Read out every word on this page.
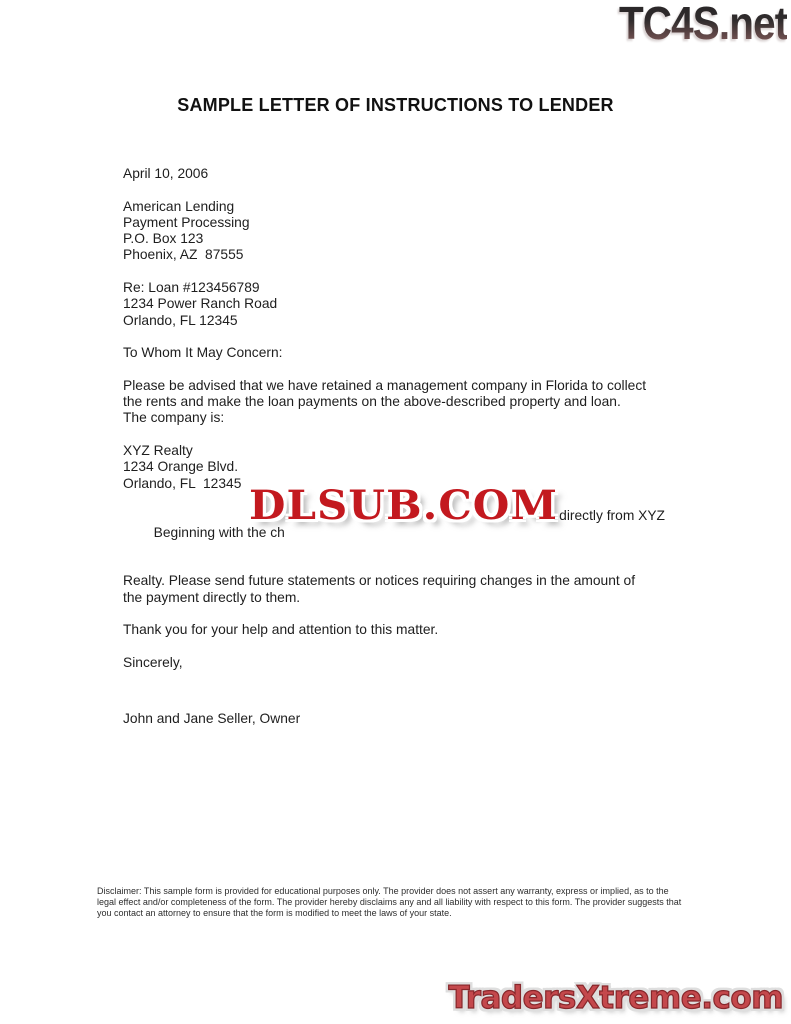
TC4S.net
SAMPLE LETTER OF INSTRUCTIONS TO LENDER
April 10, 2006
American Lending
Payment Processing
P.O. Box 123
Phoenix, AZ  87555
Re: Loan #123456789
1234 Power Ranch Road
Orlando, FL 12345
To Whom It May Concern:
Please be advised that we have retained a management company in Florida to collect
the rents and make the loan payments on the above-described property and loan.
The company is:
XYZ Realty
1234 Orange Blvd.
Orlando, FL  12345

Beginning with the ch

ne directly from XYZ

Realty. Please send future statements or notices requiring changes in the amount of
the payment directly to them.
Thank you for your help and attention to this matter.
Sincerely,
John and Jane Seller, Owner
DLSUB.COM
Disclaimer: This sample form is provided for educational purposes only. The provider does not assert any warranty, express or implied, as to the
legal effect and/or completeness of the form. The provider hereby disclaims any and all liability with respect to this form. The provider suggests that
you contact an attorney to ensure that the form is modified to meet the laws of your state.
TradersXtreme.com
